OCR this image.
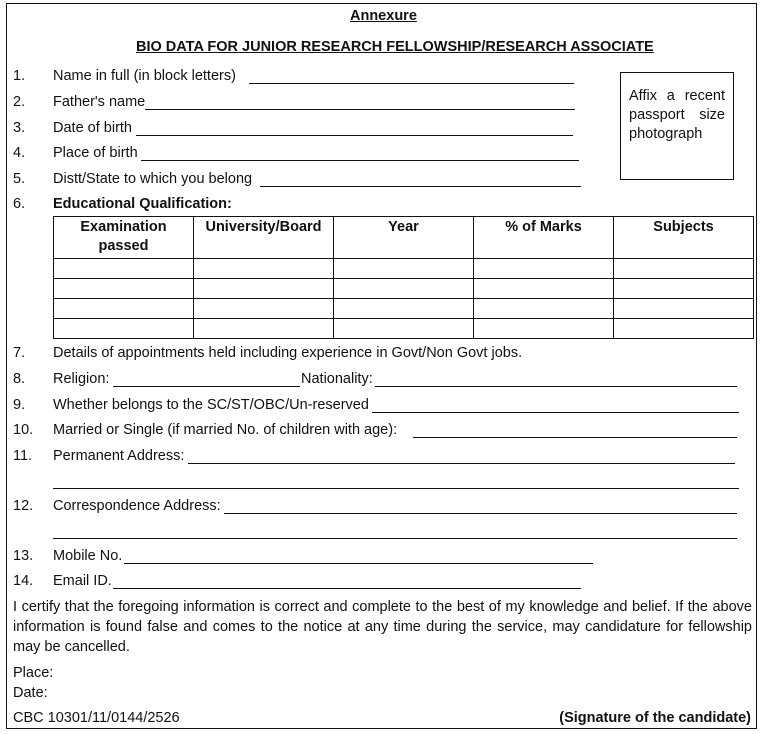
Annexure
BIO DATA FOR JUNIOR RESEARCH FELLOWSHIP/RESEARCH ASSOCIATE
1. Name in full (in block letters)
2. Father's name
3. Date of birth
4. Place of birth
5. Distt/State to which you belong
6. Educational Qualification:
Affix a recent passport size photograph
Examination passed	University/Board	Year	% of Marks	Subjects

7. Details of appointments held including experience in Govt/Non Govt jobs.
8. Religion:	Nationality:
9. Whether belongs to the SC/ST/OBC/Un-reserved
10. Married or Single (if married No. of children with age):
11. Permanent Address:
12. Correspondence Address:
13. Mobile No.
14. Email ID.
I certify that the foregoing information is correct and complete to the best of my knowledge and belief. If the above information is found false and comes to the notice at any time during the service, may candidature for fellowship may be cancelled.
Place:
Date:
CBC 10301/11/0144/2526	(Signature of the candidate)
